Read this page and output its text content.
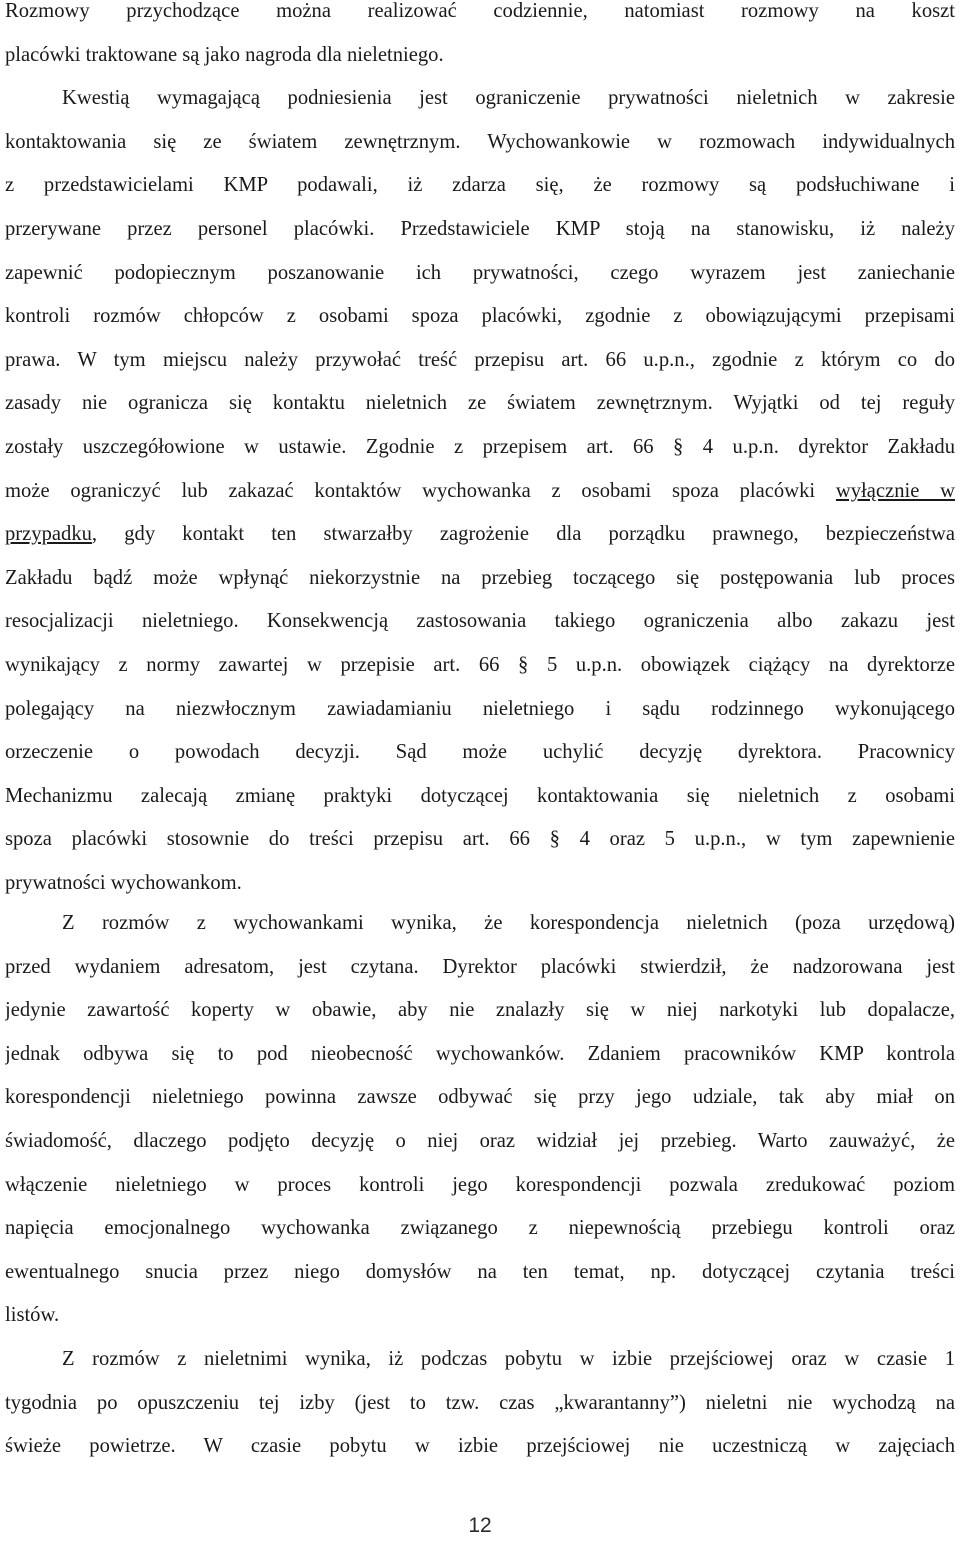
Rozmowy przychodzące można realizować codziennie, natomiast rozmowy na koszt
placówki traktowane są jako nagroda dla nieletniego.
Kwestią wymagającą podniesienia jest ograniczenie prywatności nieletnich w zakresie
kontaktowania się ze światem zewnętrznym. Wychowankowie w rozmowach indywidualnych
z przedstawicielami KMP podawali, iż zdarza się, że rozmowy są podsłuchiwane i
przerywane przez personel placówki. Przedstawiciele KMP stoją na stanowisku, iż należy
zapewnić podopiecznym poszanowanie ich prywatności, czego wyrazem jest zaniechanie
kontroli rozmów chłopców z osobami spoza placówki, zgodnie z obowiązującymi przepisami
prawa. W tym miejscu należy przywołać treść przepisu art. 66 u.p.n., zgodnie z którym co do
zasady nie ogranicza się kontaktu nieletnich ze światem zewnętrznym. Wyjątki od tej reguły
zostały uszczegółowione w ustawie. Zgodnie z przepisem art. 66 § 4 u.p.n. dyrektor Zakładu
może ograniczyć lub zakazać kontaktów wychowanka z osobami spoza placówki wyłącznie w
przypadku, gdy kontakt ten stwarzałby zagrożenie dla porządku prawnego, bezpieczeństwa
Zakładu bądź może wpłynąć niekorzystnie na przebieg toczącego się postępowania lub proces
resocjalizacji nieletniego. Konsekwencją zastosowania takiego ograniczenia albo zakazu jest
wynikający z normy zawartej w przepisie art. 66 § 5 u.p.n. obowiązek ciążący na dyrektorze
polegający na niezwłocznym zawiadamianiu nieletniego i sądu rodzinnego wykonującego
orzeczenie o powodach decyzji. Sąd może uchylić decyzję dyrektora. Pracownicy
Mechanizmu zalecają zmianę praktyki dotyczącej kontaktowania się nieletnich z osobami
spoza placówki stosownie do treści przepisu art. 66 § 4 oraz 5 u.p.n., w tym zapewnienie
prywatności wychowankom.
Z rozmów z wychowankami wynika, że korespondencja nieletnich (poza urzędową)
przed wydaniem adresatom, jest czytana. Dyrektor placówki stwierdził, że nadzorowana jest
jedynie zawartość koperty w obawie, aby nie znalazły się w niej narkotyki lub dopalacze,
jednak odbywa się to pod nieobecność wychowanków. Zdaniem pracowników KMP kontrola
korespondencji nieletniego powinna zawsze odbywać się przy jego udziale, tak aby miał on
świadomość, dlaczego podjęto decyzję o niej oraz widział jej przebieg. Warto zauważyć, że
włączenie nieletniego w proces kontroli jego korespondencji pozwala zredukować poziom
napięcia emocjonalnego wychowanka związanego z niepewnością przebiegu kontroli oraz
ewentualnego snucia przez niego domysłów na ten temat, np. dotyczącej czytania treści
listów.
Z rozmów z nieletnimi wynika, iż podczas pobytu w izbie przejściowej oraz w czasie 1
tygodnia po opuszczeniu tej izby (jest to tzw. czas „kwarantanny”) nieletni nie wychodzą na
świeże powietrze. W czasie pobytu w izbie przejściowej nie uczestniczą w zajęciach
12
